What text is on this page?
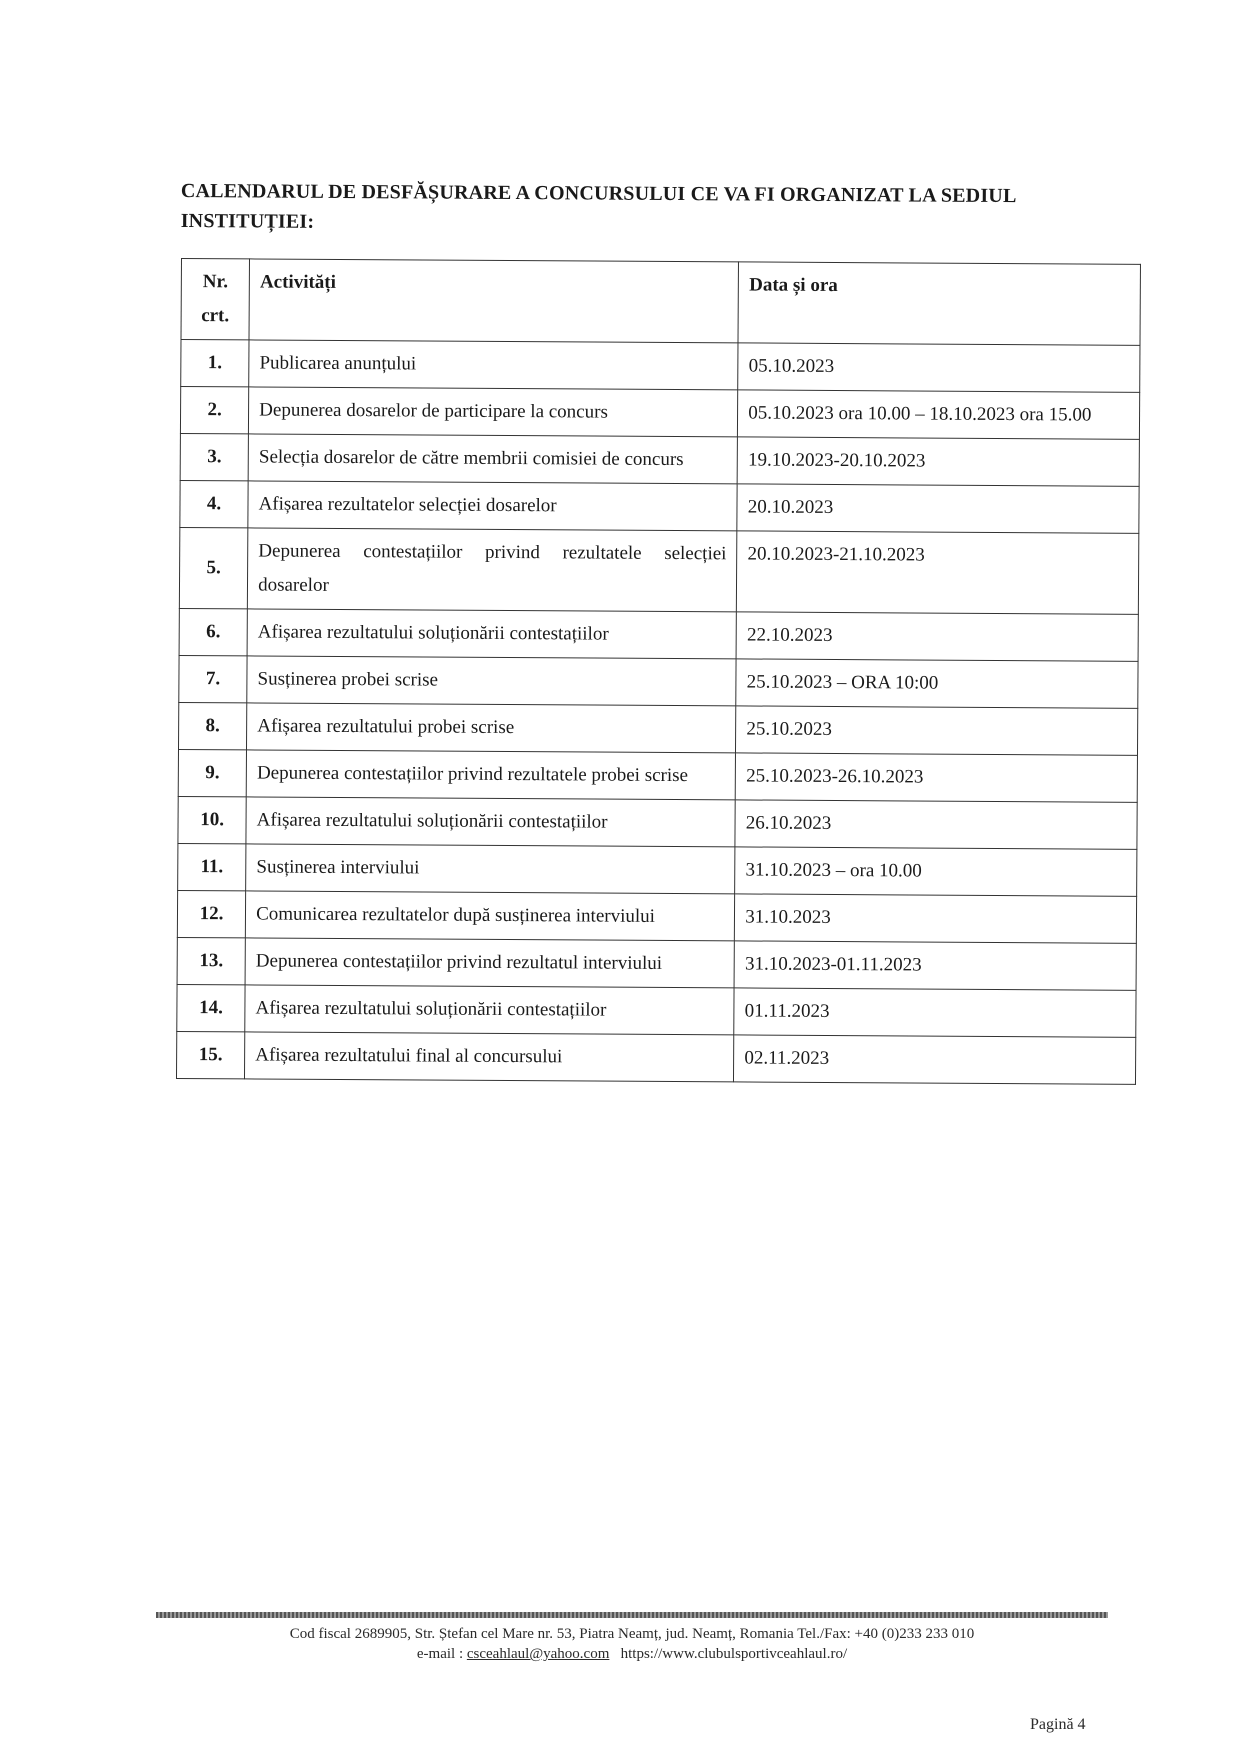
CALENDARUL DE DESFĂȘURARE A CONCURSULUI CE VA FI ORGANIZAT LA SEDIUL INSTITUȚIEI:
Nr. crt.	Activități	Data și ora
1.	Publicarea anunțului	05.10.2023
2.	Depunerea dosarelor de participare la concurs	05.10.2023 ora 10.00 – 18.10.2023 ora 15.00
3.	Selecția dosarelor de către membrii comisiei de concurs	19.10.2023-20.10.2023
4.	Afișarea rezultatelor selecției dosarelor	20.10.2023
5.	Depunerea contestațiilor privind rezultatele selecției dosarelor	20.10.2023-21.10.2023
6.	Afișarea rezultatului soluționării contestațiilor	22.10.2023
7.	Susținerea probei scrise	25.10.2023 – ORA 10:00
8.	Afișarea rezultatului probei scrise	25.10.2023
9.	Depunerea contestațiilor privind rezultatele probei scrise	25.10.2023-26.10.2023
10.	Afișarea rezultatului soluționării contestațiilor	26.10.2023
11.	Susținerea interviului	31.10.2023 – ora 10.00
12.	Comunicarea rezultatelor după susținerea interviului	31.10.2023
13.	Depunerea contestațiilor privind rezultatul interviului	31.10.2023-01.11.2023
14.	Afișarea rezultatului soluționării contestațiilor	01.11.2023
15.	Afișarea rezultatului final al concursului	02.11.2023
Cod fiscal 2689905, Str. Ștefan cel Mare nr. 53, Piatra Neamț, jud. Neamț, Romania Tel./Fax: +40 (0)233 233 010
e-mail : csceahlaul@yahoo.com https://www.clubulsportivceahlaul.ro/
Pagină 4
